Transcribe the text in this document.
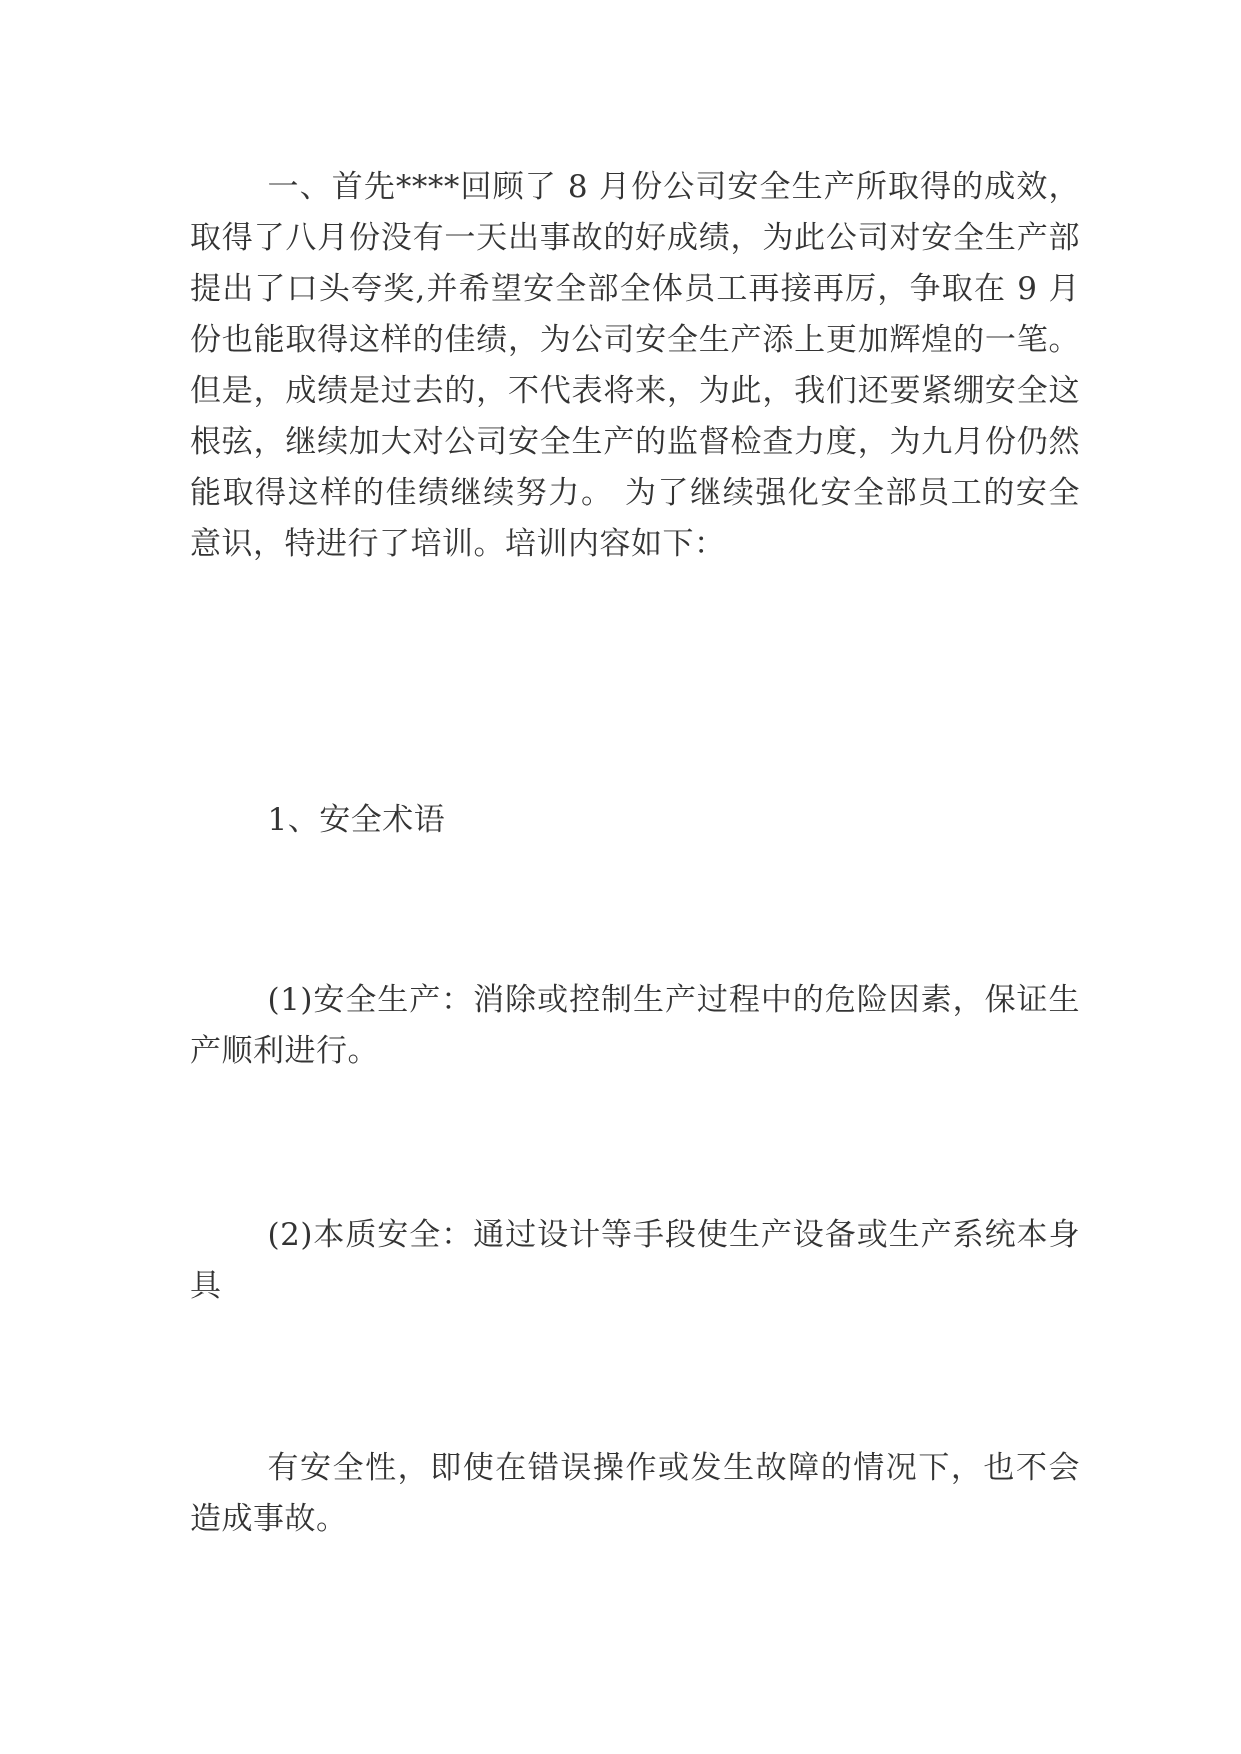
一、首先****回顾了 8 月份公司安全生产所取得的成效，取得了八月份没有一天出事故的好成绩，为此公司对安全生产部提出了口头夸奖,并希望安全部全体员工再接再厉，争取在 9 月份也能取得这样的佳绩，为公司安全生产添上更加辉煌的一笔。但是，成绩是过去的，不代表将来，为此，我们还要紧绷安全这根弦，继续加大对公司安全生产的监督检查力度，为九月份仍然能取得这样的佳绩继续努力。 为了继续强化安全部员工的安全意识，特进行了培训。培训内容如下：

1、安全术语

(1)安全生产：消除或控制生产过程中的危险因素，保证生产顺利进行。

(2)本质安全：通过设计等手段使生产设备或生产系统本身具

有安全性，即使在错误操作或发生故障的情况下，也不会造成事故。
